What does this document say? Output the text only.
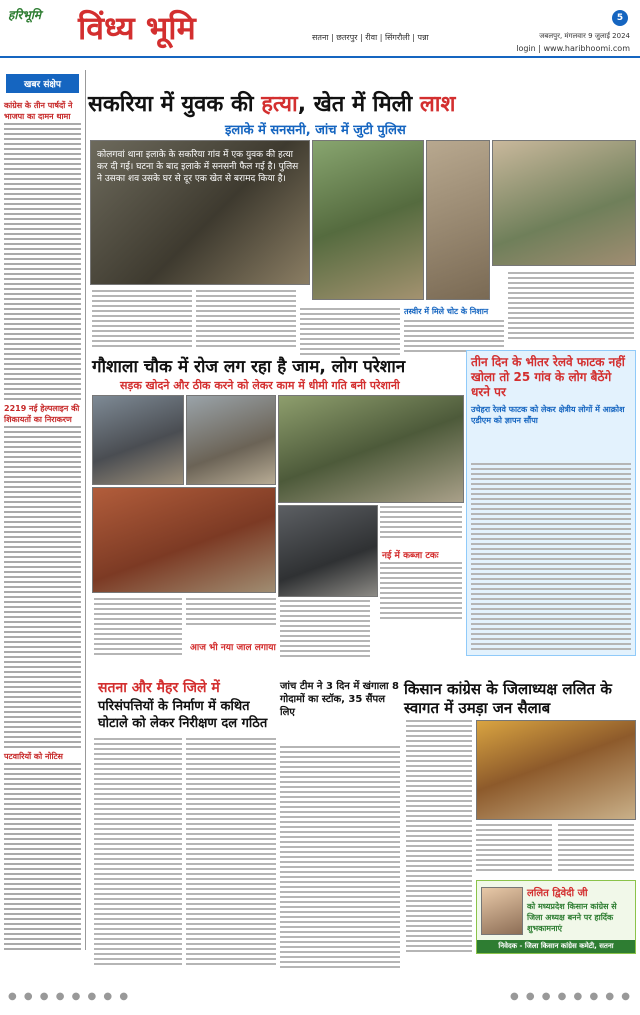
हरिभूमि विंध्य भूमि	सतना | छतरपुर | रीवा | सिंगरौली | पन्ना	जबलपुर, मंगलवार 9 जुलाई 2024
login | www.haribhoomi.com
5
खबर संक्षेप
कांग्रेस के तीन पार्षदों ने भाजपा का दामन थामा
2219 नई हेल्पलाइन की शिकायतों का निराकरण
पटवारियों को नोटिस
सकरिया में युवक की हत्या, खेत में मिली लाश
इलाके में सनसनी, जांच में जुटी पुलिस
कोलगवां थाना इलाके के सकरिया गांव में एक युवक की हत्या कर दी गई। घटना के बाद इलाके में सनसनी फैल गई है। पुलिस ने उसका शव उसके घर से दूर एक खेत से बरामद किया है।
तस्वीर में मिले चोट के निशान
गौशाला चौक में रोज लग रहा है जाम, लोग परेशान
सड़क खोदने और ठीक करने को लेकर काम में धीमी गति बनी परेशानी
आज भी नया जाल लगाया
नई में कब्जा टकः
तीन दिन के भीतर रेलवे फाटक नहीं खोला तो 25 गांव के लोग बैठेंगे धरने पर
उचेहरा रेलवे फाटक को लेकर क्षेत्रीय लोगों में आक्रोश एडीएम को ज्ञापन सौंपा
सतना और मैहर जिले में
परिसंपत्तियों के निर्माण में कथित
घोटाले को लेकर निरीक्षण दल गठित
जांच टीम ने 3 दिन में खंगाला 8 गोदामों का स्टॉक, 35 सैंपल लिए
किसान कांग्रेस के जिलाध्यक्ष ललित के स्वागत में उमड़ा जन सैलाब
ललित द्विवेदी जी
को मध्यप्रदेश किसान कांग्रेस से जिला अध्यक्ष बनने पर हार्दिक शुभकामनाएं
निवेदक - जिला किसान कांग्रेस कमेटी, सतना
● ● ● ● ● ● ● ●	● ● ● ● ● ● ● ●
